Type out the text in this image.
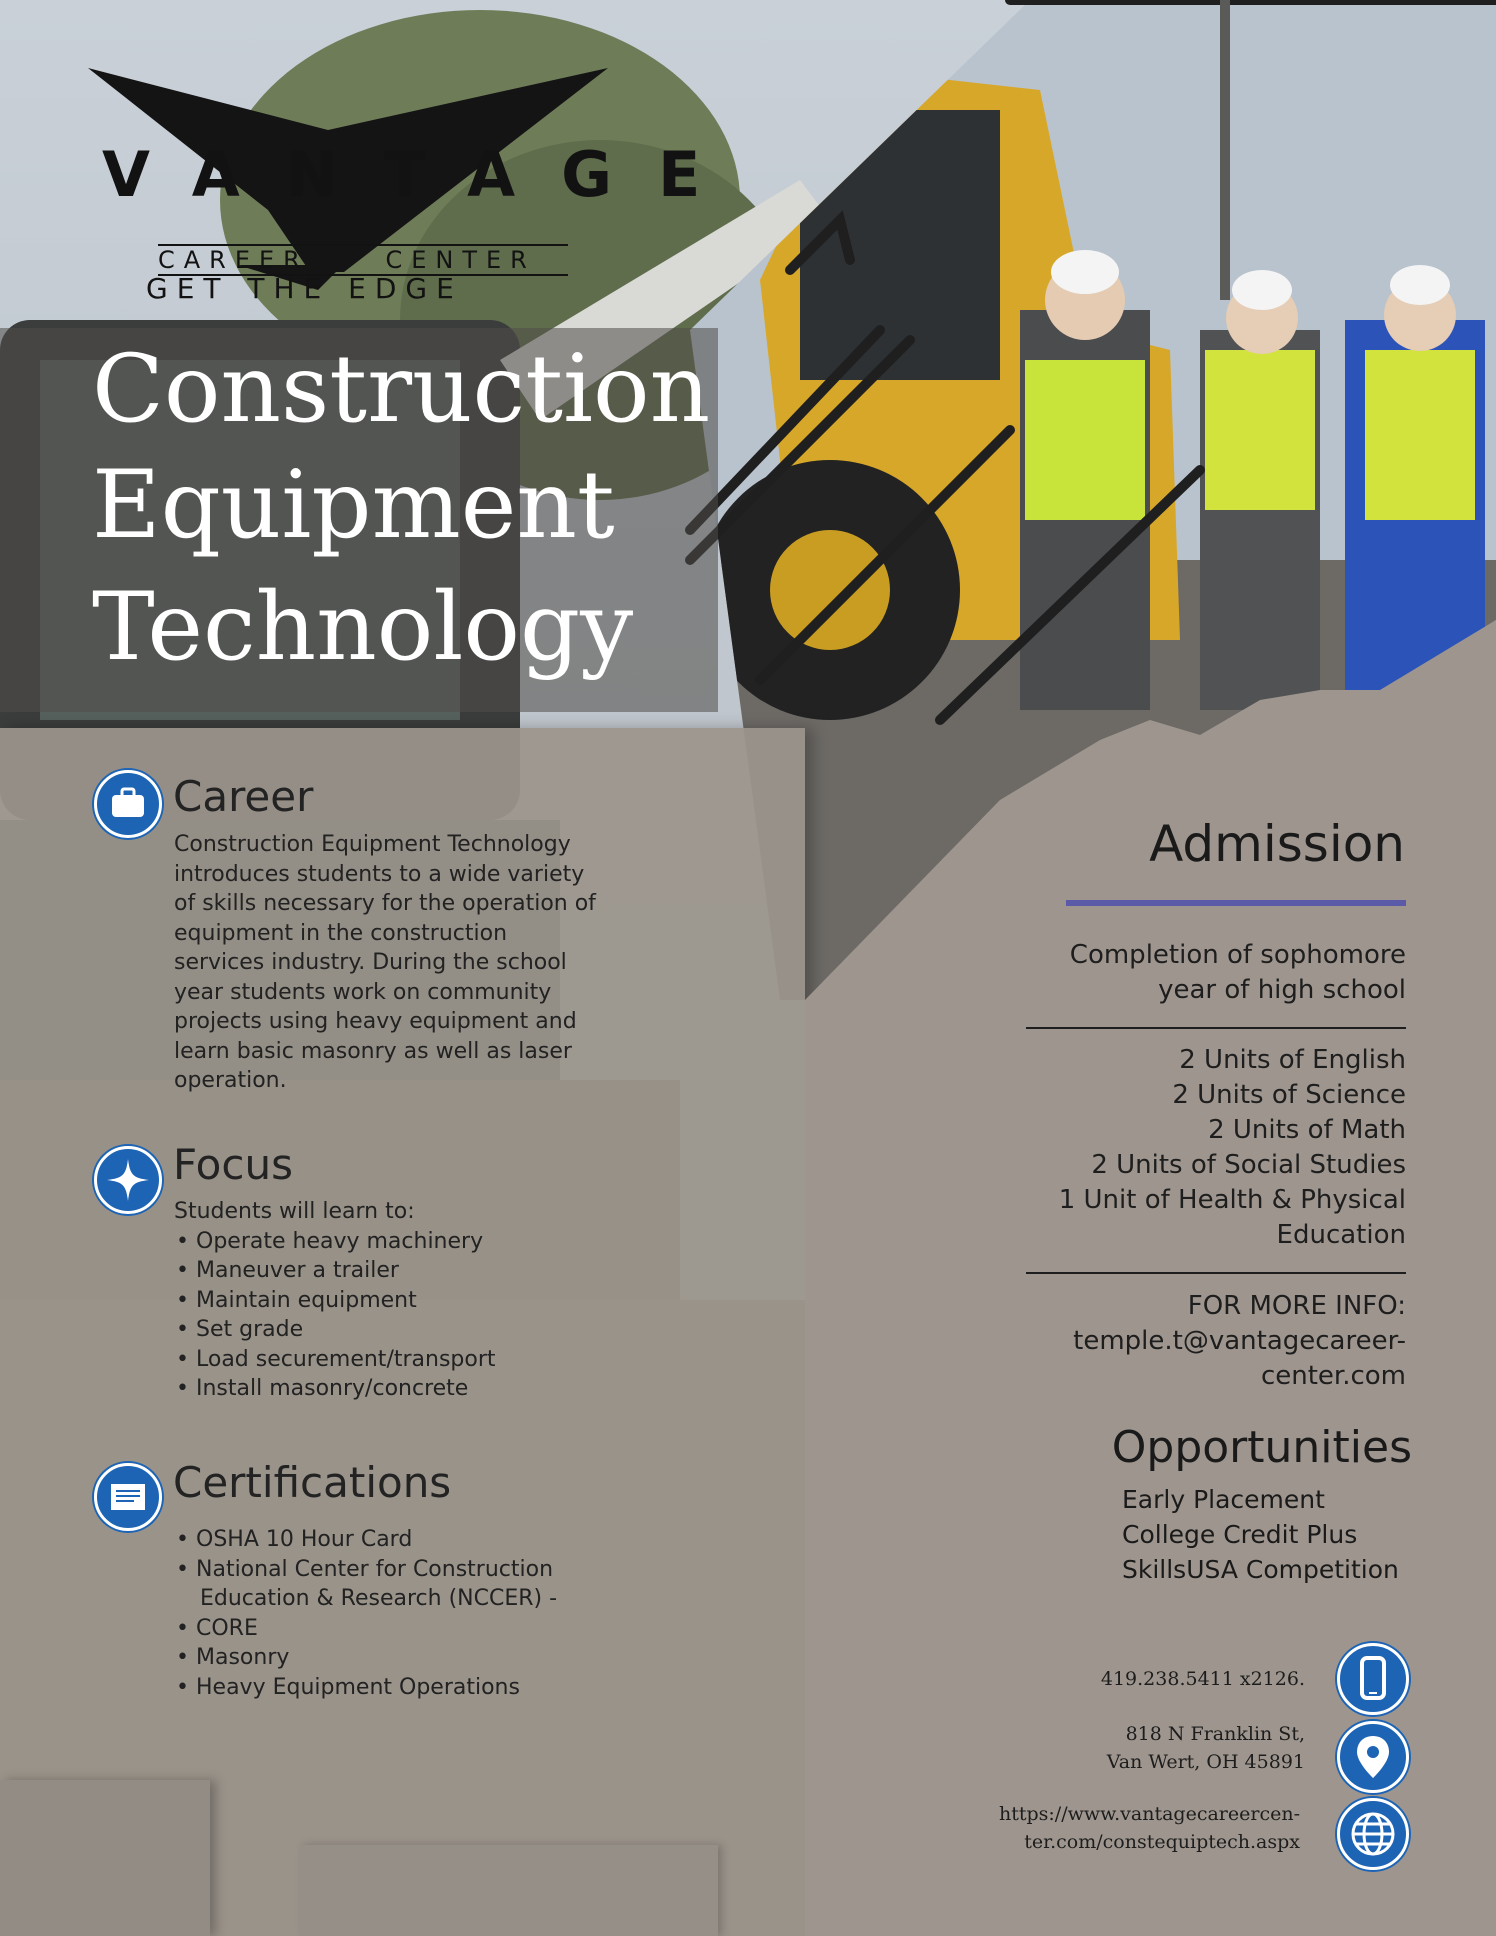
Construction
Equipment
Technology
VANTAGE
CAREER CENTER
GET THE EDGE
Career
Construction Equipment Technology
introduces students to a wide variety
of skills necessary for the operation of
equipment in the construction
services industry. During the school
year students work on community
projects using heavy equipment and
learn basic masonry as well as laser
operation.
Focus
Students will learn to:
• Operate heavy machinery
• Maneuver a trailer
• Maintain equipment
• Set grade
• Load securement/transport
• Install masonry/concrete
Certifications
• OSHA 10 Hour Card
• National Center for Construction
Education & Research (NCCER) -
• CORE
• Masonry
• Heavy Equipment Operations
Admission
Completion of sophomore
year of high school
2 Units of English
2 Units of Science
2 Units of Math
2 Units of Social Studies
1 Unit of Health & Physical
Education
FOR MORE INFO:
temple.t@vantagecareer-
center.com
Opportunities
Early Placement
College Credit Plus
SkillsUSA Competition
419.238.5411 x2126.
818 N Franklin St,
Van Wert, OH 45891
https://www.vantagecareercen-
ter.com/constequiptech.aspx
